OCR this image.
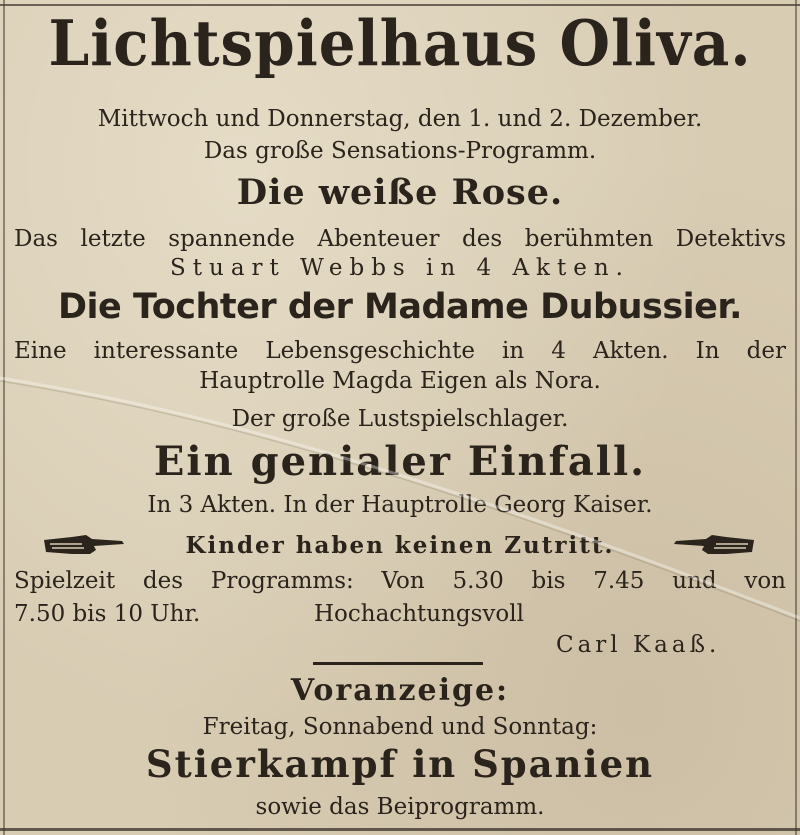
Lichtspielhaus Oliva.
Mittwoch und Donnerstag, den 1. und 2. Dezember.
Das große Sensations-Programm.
Die weiße Rose.
Das letzte spannende Abenteuer des berühmten Detektivs
Stuart Webbs in 4 Akten.
Die Tochter der Madame Dubussier.
Eine interessante Lebensgeschichte in 4 Akten. In der
Hauptrolle Magda Eigen als Nora.
Der große Lustspielschlager.
Ein genialer Einfall.
In 3 Akten. In der Hauptrolle Georg Kaiser.
Kinder haben keinen Zutritt.
Spielzeit des Programms: Von 5.30 bis 7.45 und von
7.50 bis 10 Uhr.	Hochachtungsvoll
Carl Kaaß.
Voranzeige:
Freitag, Sonnabend und Sonntag:
Stierkampf in Spanien
sowie das Beiprogramm.
